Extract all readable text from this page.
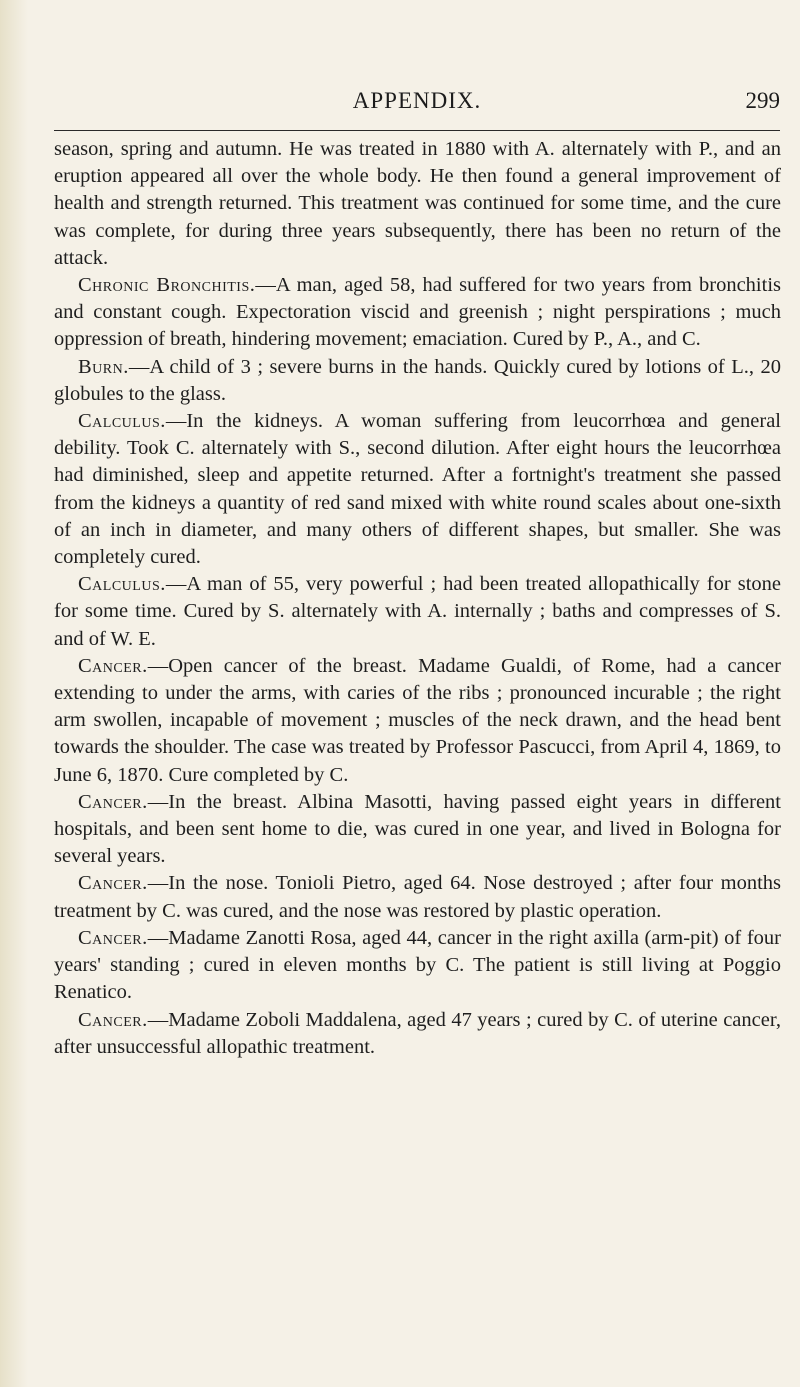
APPENDIX.	299

season, spring and autumn. He was treated in 1880 with A. alternately with P., and an eruption appeared all over the whole body. He then found a general improvement of health and strength returned. This treatment was continued for some time, and the cure was complete, for during three years subsequently, there has been no return of the attack.

Chronic Bronchitis.—A man, aged 58, had suffered for two years from bronchitis and constant cough. Expectoration viscid and greenish ; night perspirations ; much oppression of breath, hindering movement; emaciation. Cured by P., A., and C.

Burn.—A child of 3 ; severe burns in the hands. Quickly cured by lotions of L., 20 globules to the glass.

Calculus.—In the kidneys. A woman suffering from leucorrhœa and general debility. Took C. alternately with S., second dilution. After eight hours the leucorrhœa had diminished, sleep and appetite returned. After a fortnight's treatment she passed from the kidneys a quantity of red sand mixed with white round scales about one-sixth of an inch in diameter, and many others of different shapes, but smaller. She was completely cured.

Calculus.—A man of 55, very powerful ; had been treated allopathically for stone for some time. Cured by S. alternately with A. internally ; baths and compresses of S. and of W. E.

Cancer.—Open cancer of the breast. Madame Gualdi, of Rome, had a cancer extending to under the arms, with caries of the ribs ; pronounced incurable ; the right arm swollen, incapable of movement ; muscles of the neck drawn, and the head bent towards the shoulder. The case was treated by Professor Pascucci, from April 4, 1869, to June 6, 1870. Cure completed by C.

Cancer.—In the breast. Albina Masotti, having passed eight years in different hospitals, and been sent home to die, was cured in one year, and lived in Bologna for several years.

Cancer.—In the nose. Tonioli Pietro, aged 64. Nose destroyed ; after four months treatment by C. was cured, and the nose was restored by plastic operation.

Cancer.—Madame Zanotti Rosa, aged 44, cancer in the right axilla (arm-pit) of four years' standing ; cured in eleven months by C. The patient is still living at Poggio Renatico.

Cancer.—Madame Zoboli Maddalena, aged 47 years ; cured by C. of uterine cancer, after unsuccessful allopathic treatment.
